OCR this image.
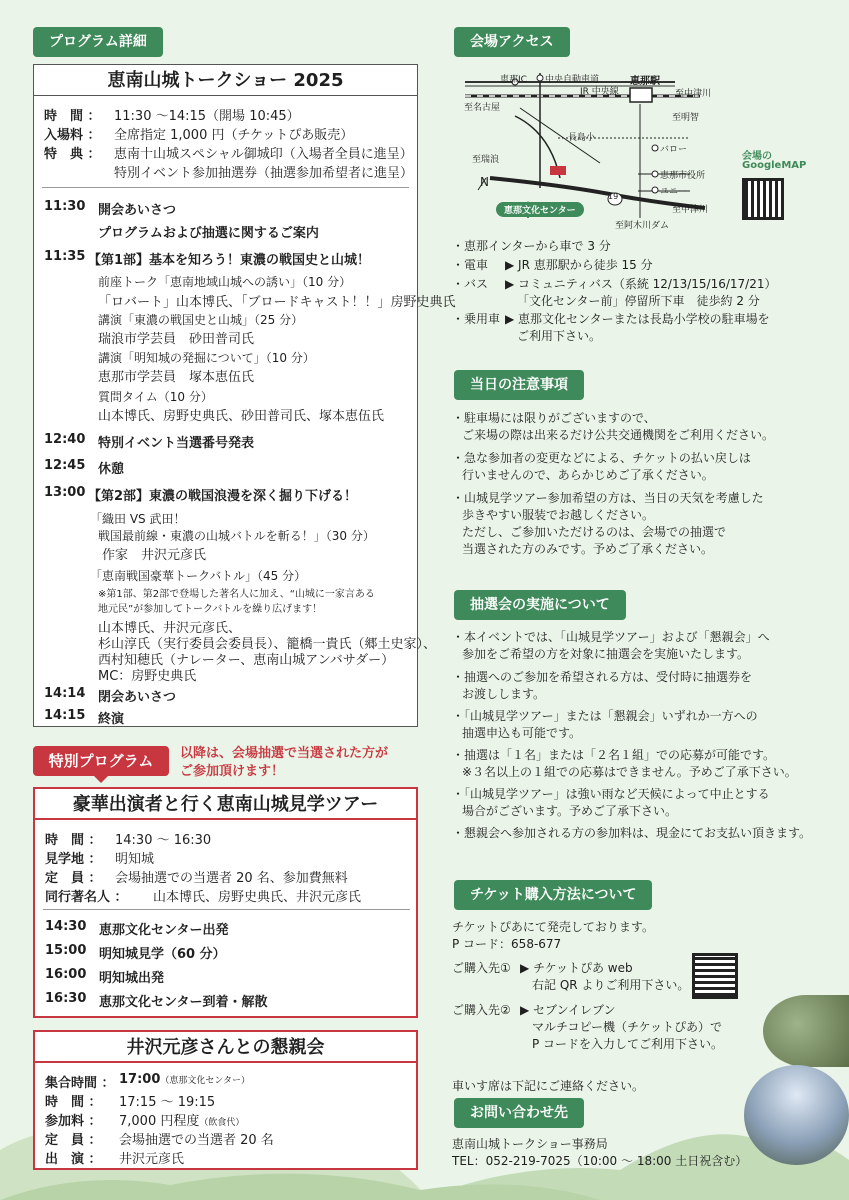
プログラム詳細
恵南山城トークショー 2025
時　間 ： 11:30 ～14:15（開場 10:45）
入場料 ： 全席指定 1,000 円（チケットぴあ販売）
特　典 ： 恵南十山城スペシャル御城印（入場者全員に進呈）
特別イベント参加抽選券（抽選参加希望者に進呈）
11:30 開会あいさつ
プログラムおよび抽選に関するご案内
11:35 【第1部】基本を知ろう！東濃の戦国史と山城！
前座トーク「恵南地域山城への誘い」（10 分）
「ロバート」山本博氏、「ブロードキャスト！！」房野史典氏
講演「東濃の戦国史と山城」（25 分）
瑞浪市学芸員　砂田普司氏
講演「明知城の発掘について」（10 分）
恵那市学芸員　塚本恵伍氏
質問タイム（10 分）
山本博氏、房野史典氏、砂田普司氏、塚本恵伍氏
12:40 特別イベント当選番号発表
12:45 休憩
13:00 【第2部】東濃の戦国浪漫を深く掘り下げる！
「織田 VS 武田！
戦国最前線・東濃の山城バトルを斬る！」（30 分）
作家　井沢元彦氏
「恵南戦国豪華トークバトル」（45 分）
※第1部、第2部で登場した著名人に加え、“山城に一家言ある
地元民”が参加してトークバトルを繰り広げます！
山本博氏、井沢元彦氏、
杉山淳氏（実行委員会委員長）、籠橋一貴氏（郷土史家）、
西村知穂氏（ナレーター、恵南山城アンバサダー）
MC：房野史典氏
14:14 閉会あいさつ
14:15 終演
特別プログラム	以降は、会場抽選で当選された方が
ご参加頂けます！
豪華出演者と行く恵南山城見学ツアー
時　間 ： 14:30 ～ 16:30
見学地 ： 明知城
定　員 ： 会場抽選での当選者 20 名、参加費無料
同行著名人 ： 山本博氏、房野史典氏、井沢元彦氏
14:30 恵那文化センター出発
15:00 明知城見学（60 分）
16:00 明知城出発
16:30 恵那文化センター到着・解散
井沢元彦さんとの懇親会
集合時間 ： 17:00（恵那文化センター）
時　間 ： 17:15 ～ 19:15
参加料 ： 7,000 円程度（飲食代）
定　員 ： 会場抽選での当選者 20 名
出　演 ： 井沢元彦氏
会場アクセス
N
恵那IC 中央自動車道	恵那駅
JR 中央線	至中津川
至名古屋
至明智
長島小
バロー
至瑞浪
恵那市役所
ユニー
19
至中津川
恵那文化センター
至阿木川ダム
会場の
GoogleMAP
・恵那インターから車で 3 分
・電車 ▶ JR 恵那駅から徒歩 15 分
・バス ▶ コミュニティバス（系統 12/13/15/16/17/21）
「文化センター前」停留所下車　徒歩約 2 分
・乗用車 ▶ 恵那文化センターまたは長島小学校の駐車場を
ご利用下さい。
当日の注意事項
・駐車場には限りがございますので、
ご来場の際は出来るだけ公共交通機関をご利用ください。
・急な参加者の変更などによる、チケットの払い戻しは
行いませんので、あらかじめご了承ください。
・山城見学ツアー参加希望の方は、当日の天気を考慮した
歩きやすい服装でお越しください。
ただし、ご参加いただけるのは、会場での抽選で
当選された方のみです。予めご了承ください。
抽選会の実施について
・本イベントでは、「山城見学ツアー」および「懇親会」へ
参加をご希望の方を対象に抽選会を実施いたします。
・抽選へのご参加を希望される方は、受付時に抽選券を
お渡しします。
・「山城見学ツアー」または「懇親会」いずれか一方への
抽選申込も可能です。
・抽選は「１名」または「２名１組」での応募が可能です。
※３名以上の１組での応募はできません。予めご了承下さい。
・「山城見学ツアー」は強い雨など天候によって中止とする
場合がございます。予めご了承下さい。
・懇親会へ参加される方の参加料は、現金にてお支払い頂きます。
チケット購入方法について
チケットぴあにて発売しております。
P コード：658-677
ご購入先① ▶ チケットぴあ web
右記 QR よりご利用下さい。
ご購入先② ▶ セブンイレブン
マルチコピー機（チケットぴあ）で
P コードを入力してご利用下さい。
車いす席は下記にご連絡ください。
お問い合わせ先
恵南山城トークショー事務局
TEL：052-219-7025（10:00 ～ 18:00 土日祝含む）
